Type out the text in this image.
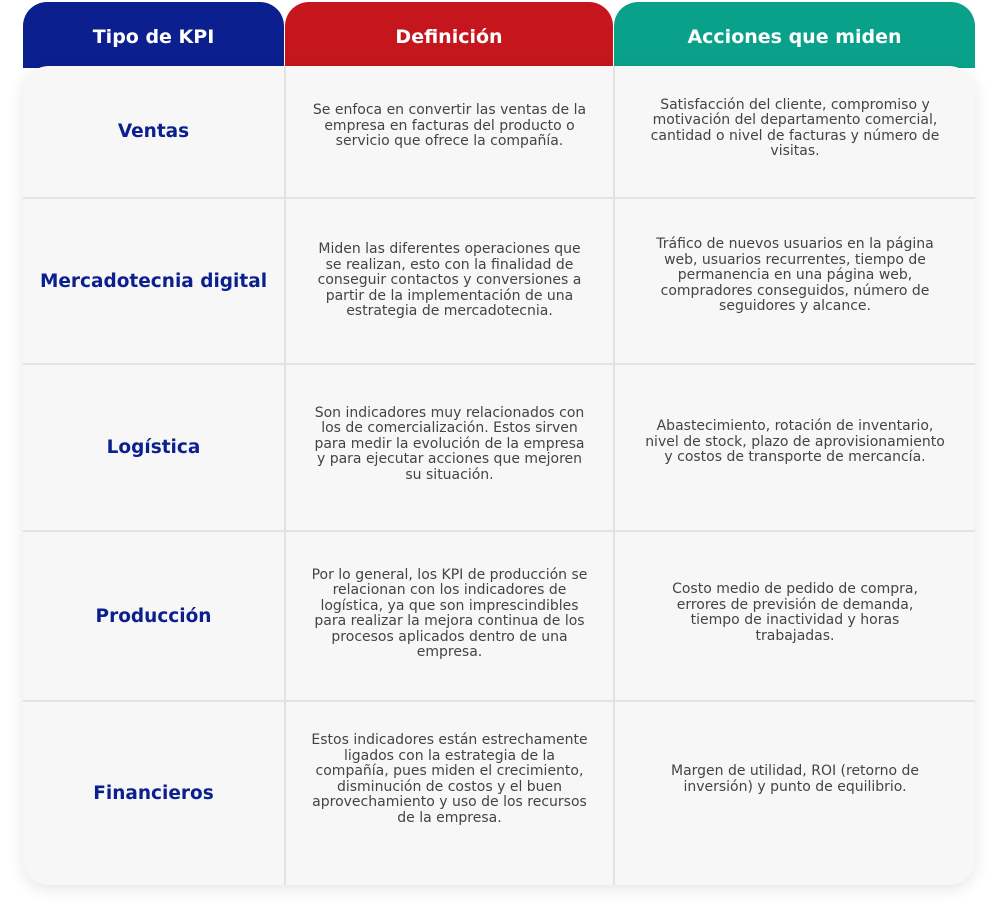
Tipo de KPI	Definición	Acciones que miden
Ventas
Se enfoca en convertir las ventas de la empresa en facturas del producto o servicio que ofrece la compañía.
Satisfacción del cliente, compromiso y motivación del departamento comercial, cantidad o nivel de facturas y número de visitas.
Mercadotecnia digital
Miden las diferentes operaciones que se realizan, esto con la finalidad de conseguir contactos y conversiones a partir de la implementación de una estrategia de mercadotecnia.
Tráfico de nuevos usuarios en la página web, usuarios recurrentes, tiempo de permanencia en una página web, compradores conseguidos, número de seguidores y alcance.
Logística
Son indicadores muy relacionados con los de comercialización. Estos sirven para medir la evolución de la empresa y para ejecutar acciones que mejoren su situación.
Abastecimiento, rotación de inventario, nivel de stock, plazo de aprovisionamiento y costos de transporte de mercancía.
Producción
Por lo general, los KPI de producción se relacionan con los indicadores de logística, ya que son imprescindibles para realizar la mejora continua de los procesos aplicados dentro de una empresa.
Costo medio de pedido de compra, errores de previsión de demanda, tiempo de inactividad y horas trabajadas.
Financieros
Estos indicadores están estrechamente ligados con la estrategia de la compañía, pues miden el crecimiento, disminución de costos y el buen aprovechamiento y uso de los recursos de la empresa.
Margen de utilidad, ROI (retorno de inversión) y punto de equilibrio.
